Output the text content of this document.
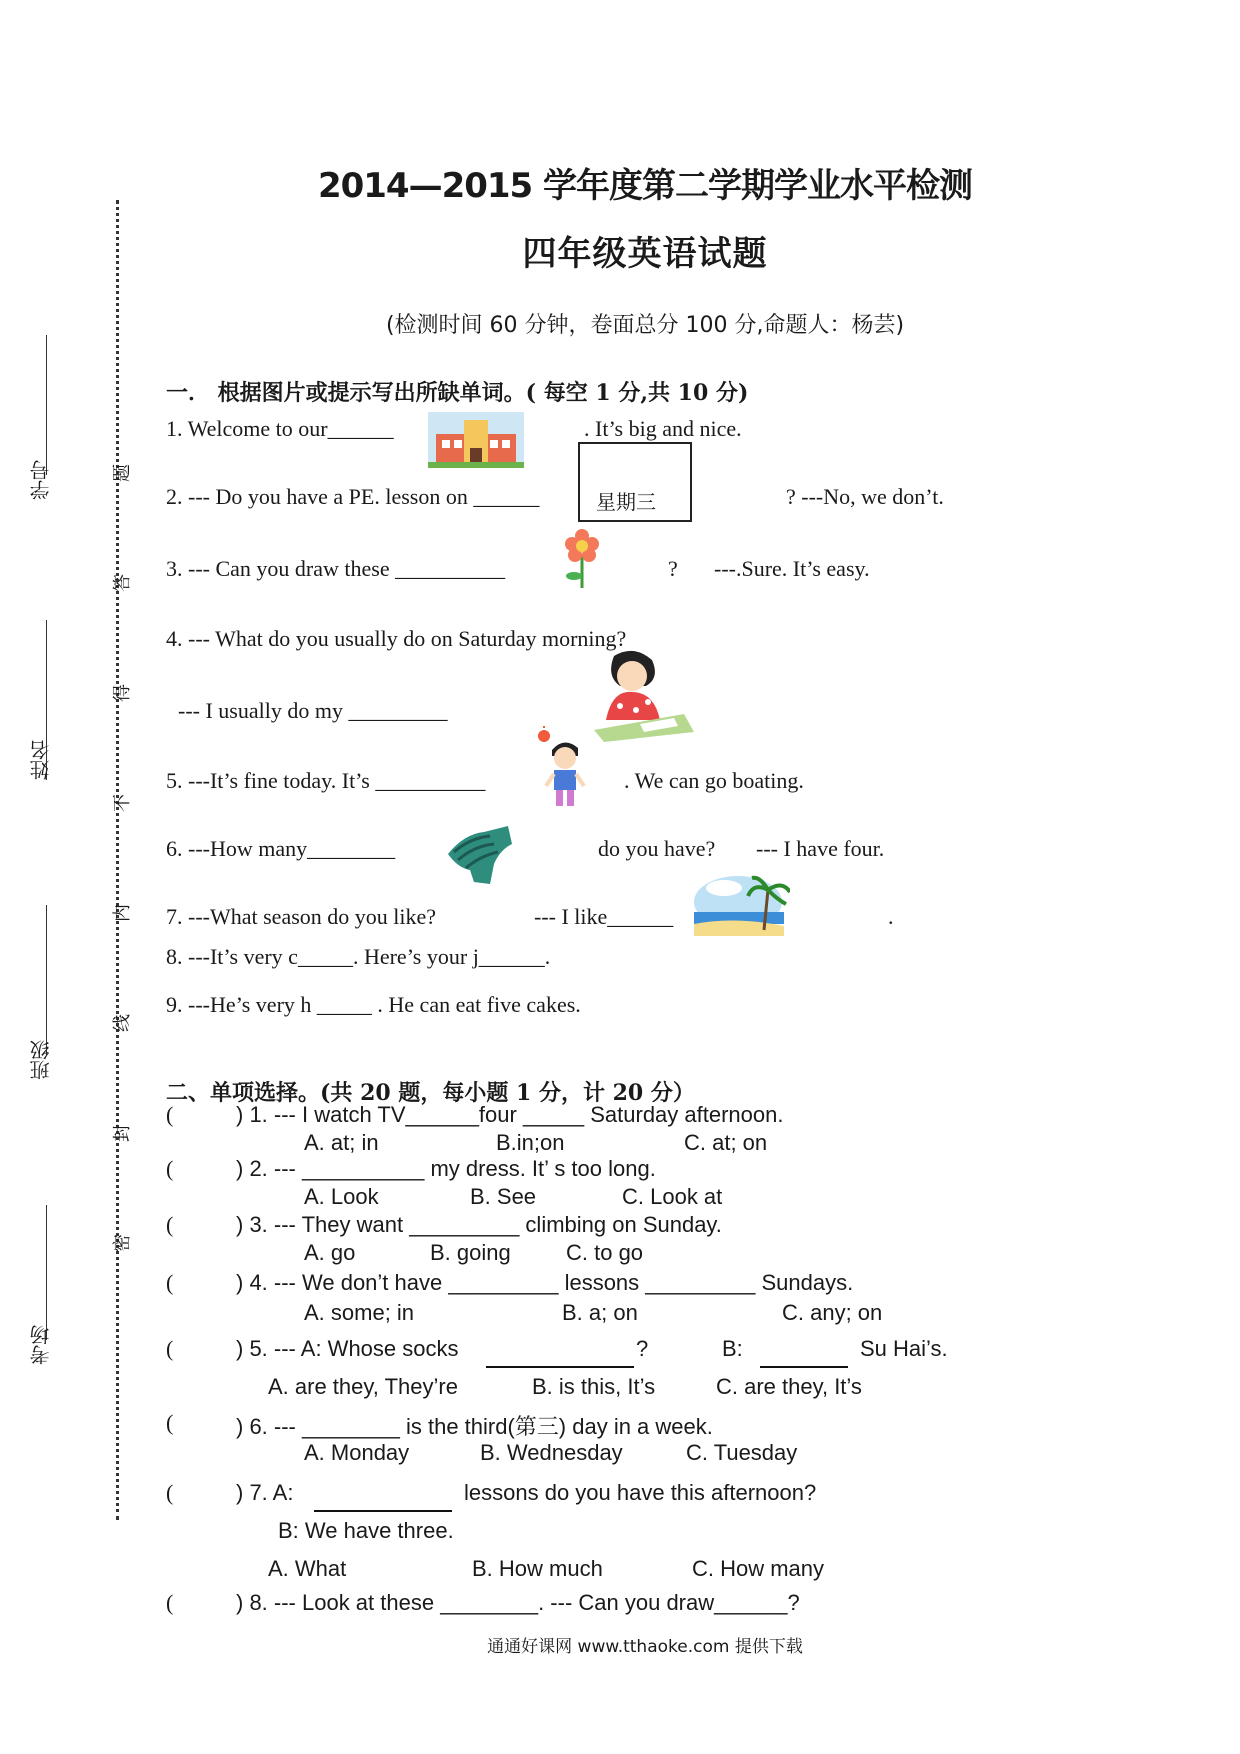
2014—2015 学年度第二学期学业水平检测
四年级英语试题
(检测时间 60 分钟，卷面总分 100 分,命题人：杨芸)
学号
姓名
班级
考场
题
答
得
不
内
线
封
密
一． 根据图片或提示写出所缺单词。( 每空 1 分,共 10 分)
1. Welcome to our______	. It’s big and nice.
2. --- Do you have a PE. lesson on ______	星期三	? ---No, we don’t.
3. --- Can you draw these __________	? ---.Sure. It’s easy.
4. --- What do you usually do on Saturday morning?
--- I usually do my _________
5. ---It’s fine today. It’s __________	. We can go boating.
6. ---How many________	do you have? --- I have four.
7. ---What season do you like?	--- I like______	.
8. ---It’s very c_____. Here’s your j______.
9. ---He’s very h _____ . He can eat five cakes.
二、单项选择。(共 20 题，每小题 1 分，计 20 分）
(	) 1. --- I watch TV______four _____ Saturday afternoon.
A. at; in	B.in;on	C. at; on
(	) 2. --- __________ my dress. It’ s too long.
A. Look	B. See	C. Look at
(	) 3. --- They want _________ climbing on Sunday.
A. go	B. going	C. to go
(	) 4. --- We don’t have _________ lessons _________ Sundays.
A. some; in	B. a; on	C. any; on
(	) 5. --- A: Whose socks	?	B:	Su Hai’s.
A. are they, They’re	B. is this, It’s	C. are they, It’s
(	) 6. --- ________ is the third(第三) day in a week.
A. Monday	B. Wednesday	C. Tuesday
(	) 7. A:	lessons do you have this afternoon?
B: We have three.
A. What	B. How much	C. How many
(	) 8. --- Look at these ________. --- Can you draw______?
通通好课网 www.tthaoke.com 提供下载
